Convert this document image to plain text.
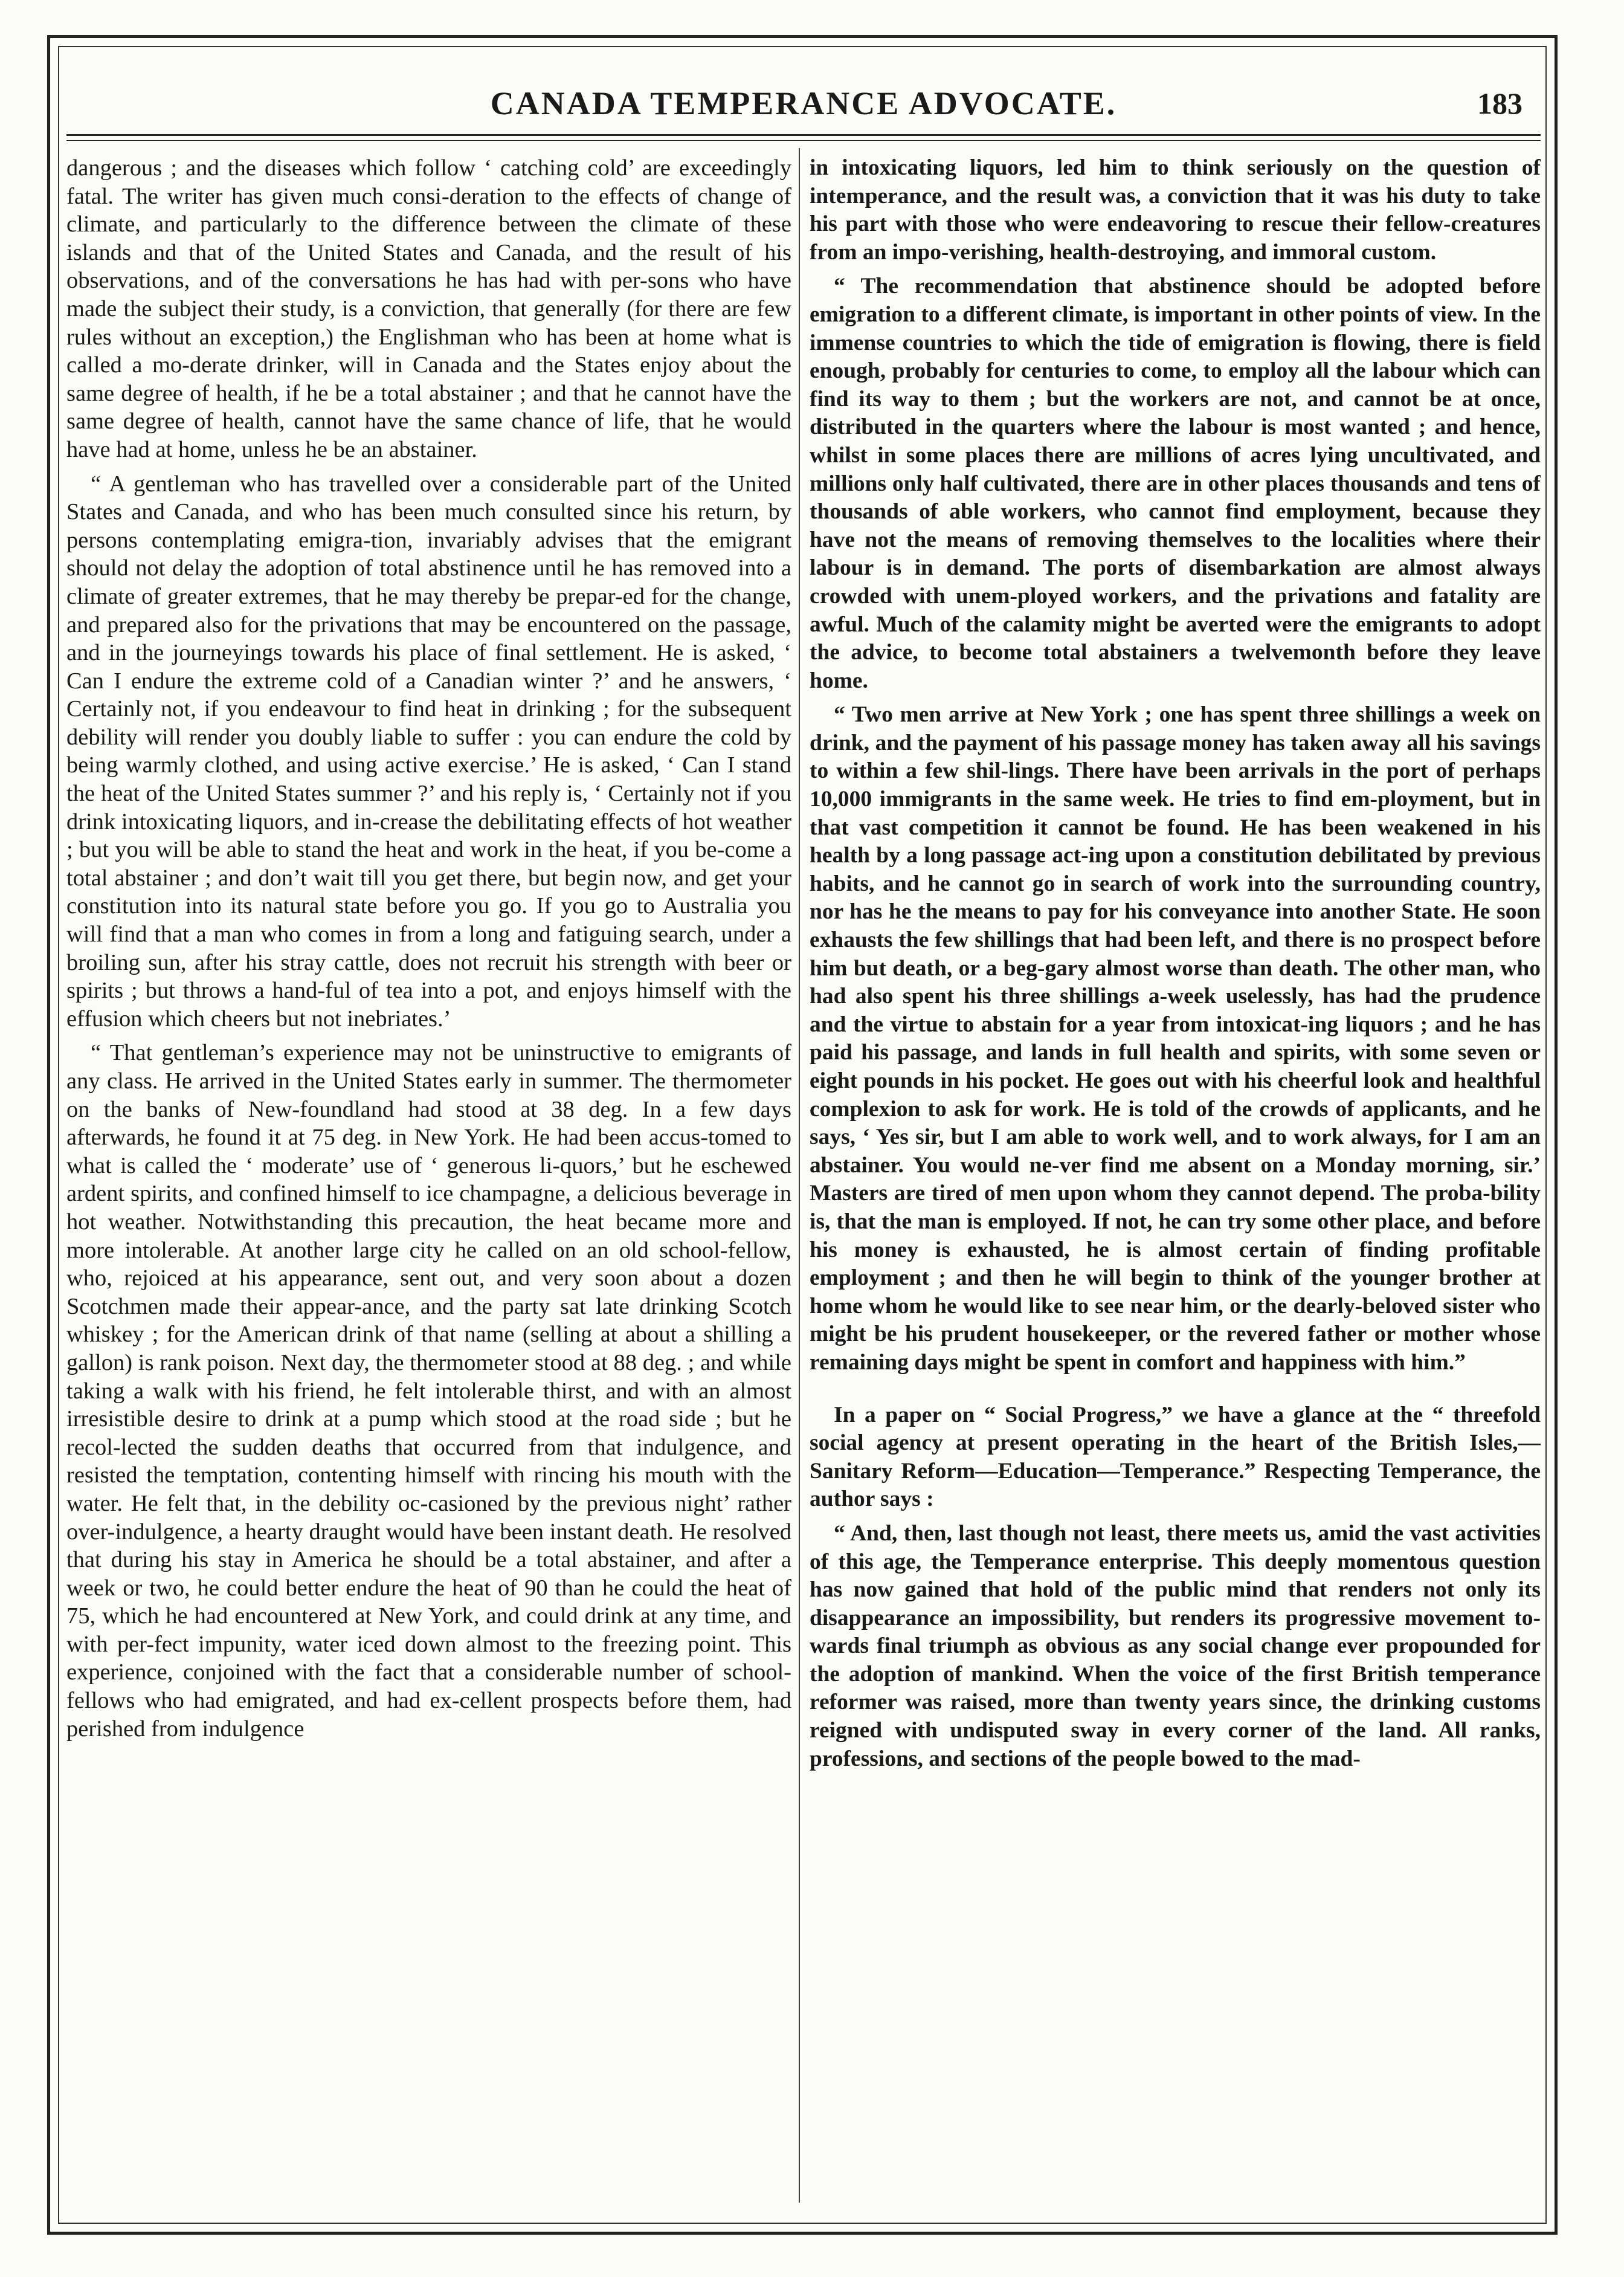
CANADA TEMPERANCE ADVOCATE.	183

dangerous ; and the diseases which follow ‘ catching cold’ are exceedingly fatal. The writer has given much consi-deration to the effects of change of climate, and particularly to the difference between the climate of these islands and that of the United States and Canada, and the result of his observations, and of the conversations he has had with per-sons who have made the subject their study, is a conviction, that generally (for there are few rules without an exception,) the Englishman who has been at home what is called a mo-derate drinker, will in Canada and the States enjoy about the same degree of health, if he be a total abstainer ; and that he cannot have the same degree of health, cannot have the same chance of life, that he would have had at home, unless he be an abstainer.

“ A gentleman who has travelled over a considerable part of the United States and Canada, and who has been much consulted since his return, by persons contemplating emigra-tion, invariably advises that the emigrant should not delay the adoption of total abstinence until he has removed into a climate of greater extremes, that he may thereby be prepar-ed for the change, and prepared also for the privations that may be encountered on the passage, and in the journeyings towards his place of final settlement. He is asked, ‘ Can I endure the extreme cold of a Canadian winter ?’ and he answers, ‘ Certainly not, if you endeavour to find heat in drinking ; for the subsequent debility will render you doubly liable to suffer : you can endure the cold by being warmly clothed, and using active exercise.’ He is asked, ‘ Can I stand the heat of the United States summer ?’ and his reply is, ‘ Certainly not if you drink intoxicating liquors, and in-crease the debilitating effects of hot weather ; but you will be able to stand the heat and work in the heat, if you be-come a total abstainer ; and don’t wait till you get there, but begin now, and get your constitution into its natural state before you go. If you go to Australia you will find that a man who comes in from a long and fatiguing search, under a broiling sun, after his stray cattle, does not recruit his strength with beer or spirits ; but throws a hand-ful of tea into a pot, and enjoys himself with the effusion which cheers but not inebriates.’

“ That gentleman’s experience may not be uninstructive to emigrants of any class. He arrived in the United States early in summer. The thermometer on the banks of New-foundland had stood at 38 deg. In a few days afterwards, he found it at 75 deg. in New York. He had been accus-tomed to what is called the ‘ moderate’ use of ‘ generous li-quors,’ but he eschewed ardent spirits, and confined himself to ice champagne, a delicious beverage in hot weather. Notwithstanding this precaution, the heat became more and more intolerable. At another large city he called on an old school-fellow, who, rejoiced at his appearance, sent out, and very soon about a dozen Scotchmen made their appear-ance, and the party sat late drinking Scotch whiskey ; for the American drink of that name (selling at about a shilling a gallon) is rank poison. Next day, the thermometer stood at 88 deg. ; and while taking a walk with his friend, he felt intolerable thirst, and with an almost irresistible desire to drink at a pump which stood at the road side ; but he recol-lected the sudden deaths that occurred from that indulgence, and resisted the temptation, contenting himself with rincing his mouth with the water. He felt that, in the debility oc-casioned by the previous night’ rather over-indulgence, a hearty draught would have been instant death. He resolved that during his stay in America he should be a total abstainer, and after a week or two, he could better endure the heat of 90 than he could the heat of 75, which he had encountered at New York, and could drink at any time, and with per-fect impunity, water iced down almost to the freezing point. This experience, conjoined with the fact that a considerable number of school-fellows who had emigrated, and had ex-cellent prospects before them, had perished from indulgence

in intoxicating liquors, led him to think seriously on the question of intemperance, and the result was, a conviction that it was his duty to take his part with those who were endeavoring to rescue their fellow-creatures from an impo-verishing, health-destroying, and immoral custom.

“ The recommendation that abstinence should be adopted before emigration to a different climate, is important in other points of view. In the immense countries to which the tide of emigration is flowing, there is field enough, probably for centuries to come, to employ all the labour which can find its way to them ; but the workers are not, and cannot be at once, distributed in the quarters where the labour is most wanted ; and hence, whilst in some places there are millions of acres lying uncultivated, and millions only half cultivated, there are in other places thousands and tens of thousands of able workers, who cannot find employment, because they have not the means of removing themselves to the localities where their labour is in demand. The ports of disembarkation are almost always crowded with unem-ployed workers, and the privations and fatality are awful. Much of the calamity might be averted were the emigrants to adopt the advice, to become total abstainers a twelvemonth before they leave home.

“ Two men arrive at New York ; one has spent three shillings a week on drink, and the payment of his passage money has taken away all his savings to within a few shil-lings. There have been arrivals in the port of perhaps 10,000 immigrants in the same week. He tries to find em-ployment, but in that vast competition it cannot be found. He has been weakened in his health by a long passage act-ing upon a constitution debilitated by previous habits, and he cannot go in search of work into the surrounding country, nor has he the means to pay for his conveyance into another State. He soon exhausts the few shillings that had been left, and there is no prospect before him but death, or a beg-gary almost worse than death. The other man, who had also spent his three shillings a-week uselessly, has had the prudence and the virtue to abstain for a year from intoxicat-ing liquors ; and he has paid his passage, and lands in full health and spirits, with some seven or eight pounds in his pocket. He goes out with his cheerful look and healthful complexion to ask for work. He is told of the crowds of applicants, and he says, ‘ Yes sir, but I am able to work well, and to work always, for I am an abstainer. You would ne-ver find me absent on a Monday morning, sir.’ Masters are tired of men upon whom they cannot depend. The proba-bility is, that the man is employed. If not, he can try some other place, and before his money is exhausted, he is almost certain of finding profitable employment ; and then he will begin to think of the younger brother at home whom he would like to see near him, or the dearly-beloved sister who might be his prudent housekeeper, or the revered father or mother whose remaining days might be spent in comfort and happiness with him.”

In a paper on “ Social Progress,” we have a glance at the “ threefold social agency at present operating in the heart of the British Isles,—Sanitary Reform—Education—Temperance.” Respecting Temperance, the author says :

“ And, then, last though not least, there meets us, amid the vast activities of this age, the Temperance enterprise. This deeply momentous question has now gained that hold of the public mind that renders not only its disappearance an impossibility, but renders its progressive movement to-wards final triumph as obvious as any social change ever propounded for the adoption of mankind. When the voice of the first British temperance reformer was raised, more than twenty years since, the drinking customs reigned with undisputed sway in every corner of the land. All ranks, professions, and sections of the people bowed to the mad-
